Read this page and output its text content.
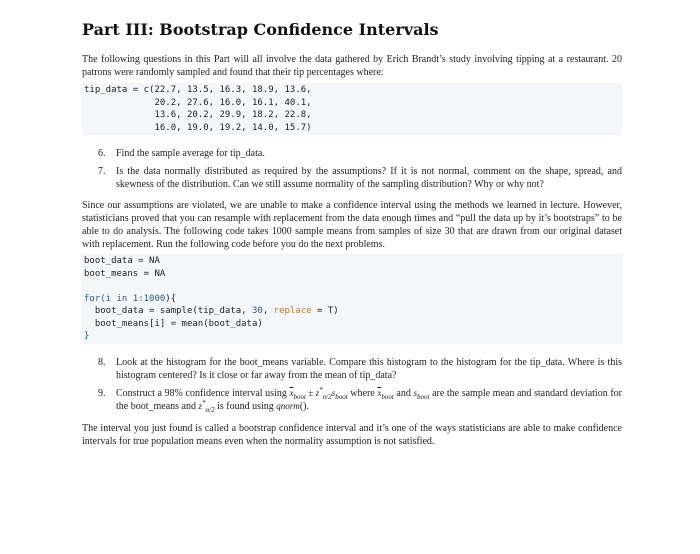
Part III: Bootstrap Confidence Intervals

The following questions in this Part will all involve the data gathered by Erich Brandt’s study involving tipping at a restaurant. 20 patrons were randomly sampled and found that their tip percentages where:

tip_data = c(22.7, 13.5, 16.3, 18.9, 13.6,
20.2, 27.6, 16.0, 16.1, 40.1,
13.6, 20.2, 29.9, 18.2, 22.8,
16.0, 19.0, 19.2, 14.0, 15.7)
6. Find the sample average for tip_data.
7. Is the data normally distributed as required by the assumptions? If it is not normal, comment on the shape, spread, and skewness of the distribution. Can we still assume normality of the sampling distribution? Why or why not?

Since our assumptions are violated, we are unable to make a confidence interval using the methods we learned in lecture. However, statisticians proved that you can resample with replacement from the data enough times and “pull the data up by it’s bootstraps” to be able to do analysis. The following code takes 1000 sample means from samples of size 30 that are drawn from our original dataset with replacement. Run the following code before you do the next problems.

boot_data = NA
boot_means = NA

for(i in 1:1000){
boot_data = sample(tip_data, 30, replace = T)
boot_means[i] = mean(boot_data)
}
8. Look at the histogram for the boot_means variable. Compare this histogram to the histogram for the tip_data. Where is this histogram centered? Is it close or far away from the mean of tip_data?
9. Construct a 98% confidence interval using $\overline{x}_{boot} \pm z^*_{\alpha/2}s_{boot}$ where $\overline{x}_{boot}$ and $s_{boot}$ are the sample mean and standard deviation for the boot_means and $z^*_{\alpha/2}$ is found using qnorm().

The interval you just found is called a bootstrap confidence interval and it’s one of the ways statisticians are able to make confidence intervals for true population means even when the normality assumption is not satisfied.
